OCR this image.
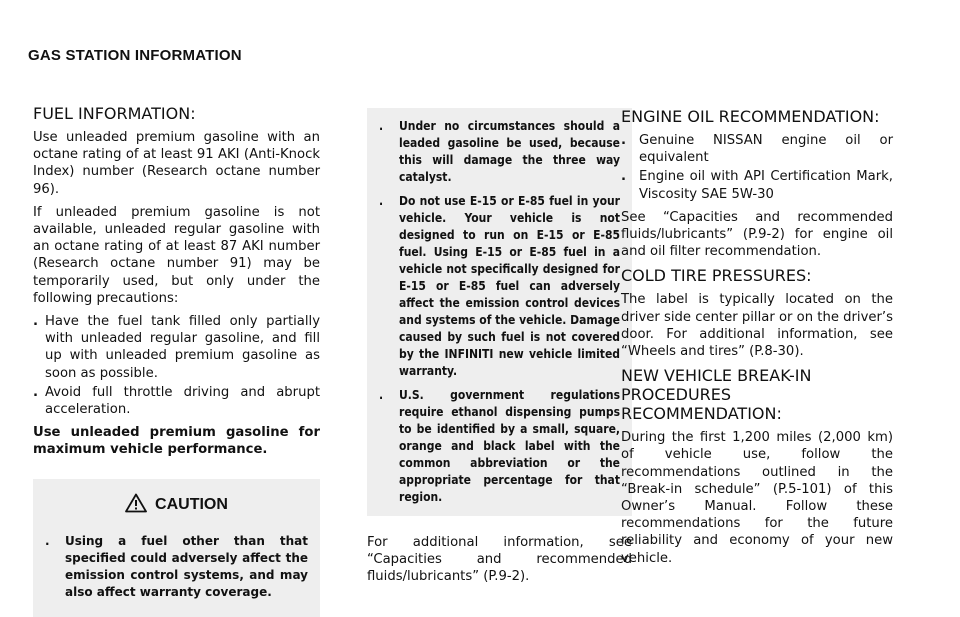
GAS STATION INFORMATION
FUEL INFORMATION:

Use unleaded premium gasoline with an octane rating of at least 91 AKI (Anti-Knock Index) number (Research octane number 96).

If unleaded premium gasoline is not available, unleaded regular gasoline with an octane rating of at least 87 AKI number (Research octane number 91) may be temporarily used, but only under the following precautions:

. Have the fuel tank filled only partially with unleaded regular gasoline, and fill up with unleaded premium gasoline as soon as possible.
. Avoid full throttle driving and abrupt acceleration.

Use unleaded premium gasoline for maximum vehicle performance.

CAUTION
.	Using a fuel other than that specified could adversely affect the emission control systems, and may also affect warranty coverage.
.	Under no circumstances should a leaded gasoline be used, because this will damage the three way catalyst.
.	Do not use E-15 or E-85 fuel in your vehicle. Your vehicle is not designed to run on E-15 or E-85 fuel. Using E-15 or E-85 fuel in a vehicle not specifically designed for E-15 or E-85 fuel can adversely affect the emission control devices and systems of the vehicle. Damage caused by such fuel is not covered by the INFINITI new vehicle limited warranty.
.	U.S. government regulations require ethanol dispensing pumps to be identified by a small, square, orange and black label with the common abbreviation or the appropriate percentage for that region.

For additional information, see “Capacities and recommended fluids/lubricants” (P.9-2).

ENGINE OIL RECOMMENDATION:
. Genuine NISSAN engine oil or equivalent
. Engine oil with API Certification Mark, Viscosity SAE 5W-30

See “Capacities and recommended fluids/lubricants” (P.9-2) for engine oil and oil filter recommendation.

COLD TIRE PRESSURES:

The label is typically located on the driver side center pillar or on the driver’s door. For additional information, see “Wheels and tires” (P.8-30).

NEW VEHICLE BREAK-IN PROCEDURES RECOMMENDATION:

During the first 1,200 miles (2,000 km) of vehicle use, follow the recommendations outlined in the “Break-in schedule” (P.5-101) of this Owner’s Manual. Follow these recommendations for the future reliability and economy of your new vehicle.
